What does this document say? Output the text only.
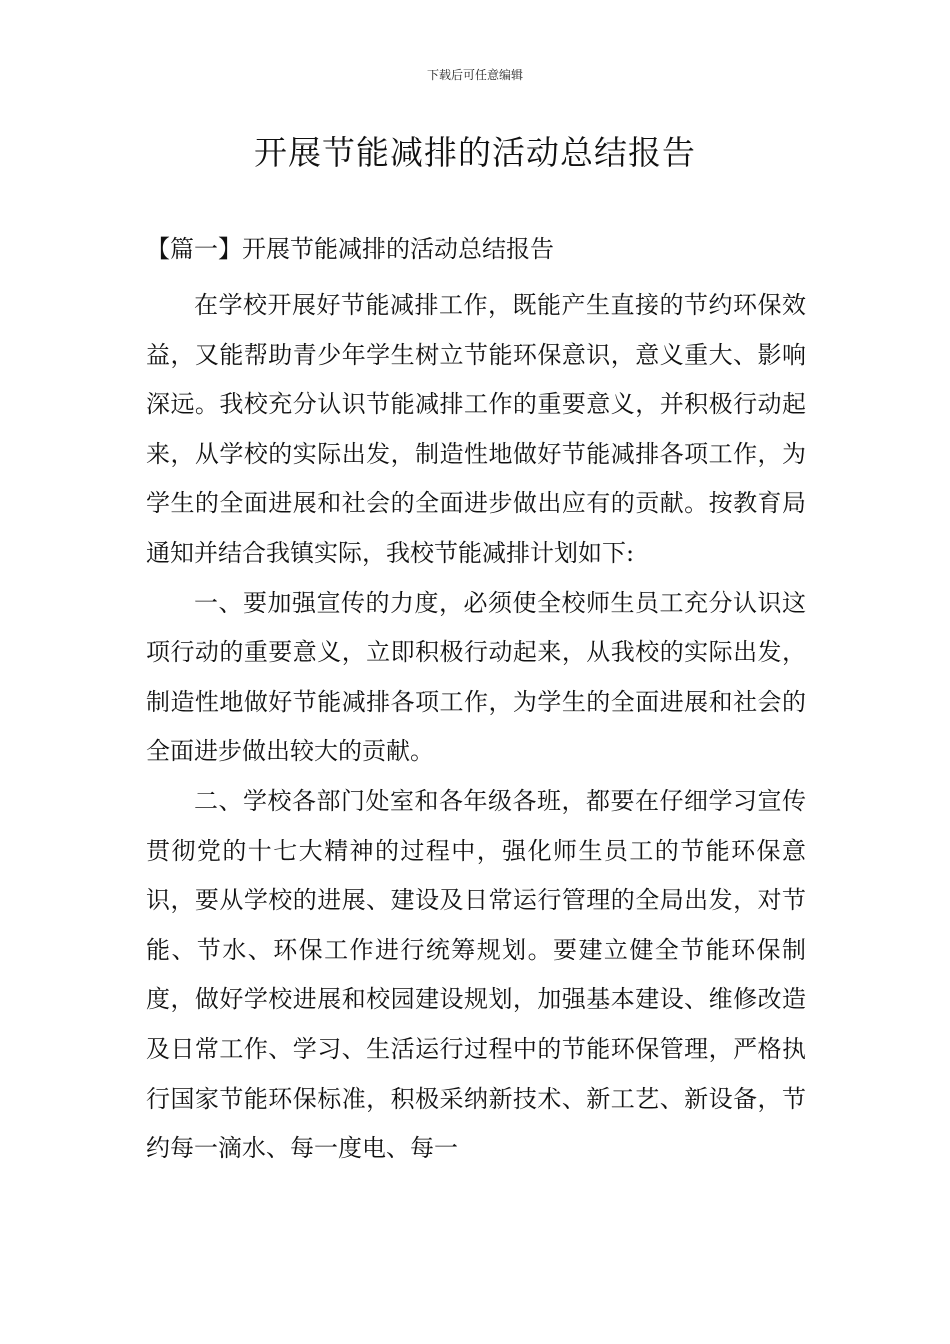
下载后可任意编辑
开展节能减排的活动总结报告

【篇一】开展节能减排的活动总结报告

在学校开展好节能减排工作，既能产生直接的节约环保效益，又能帮助青少年学生树立节能环保意识，意义重大、影响深远。我校充分认识节能减排工作的重要意义，并积极行动起来，从学校的实际出发，制造性地做好节能减排各项工作，为学生的全面进展和社会的全面进步做出应有的贡献。按教育局通知并结合我镇实际，我校节能减排计划如下:

一、要加强宣传的力度，必须使全校师生员工充分认识这项行动的重要意义，立即积极行动起来，从我校的实际出发，制造性地做好节能减排各项工作，为学生的全面进展和社会的全面进步做出较大的贡献。

二、学校各部门处室和各年级各班，都要在仔细学习宣传贯彻党的十七大精神的过程中，强化师生员工的节能环保意识，要从学校的进展、建设及日常运行管理的全局出发，对节能、节水、环保工作进行统筹规划。要建立健全节能环保制度，做好学校进展和校园建设规划，加强基本建设、维修改造及日常工作、学习、生活运行过程中的节能环保管理，严格执行国家节能环保标准，积极采纳新技术、新工艺、新设备，节约每一滴水、每一度电、每一
